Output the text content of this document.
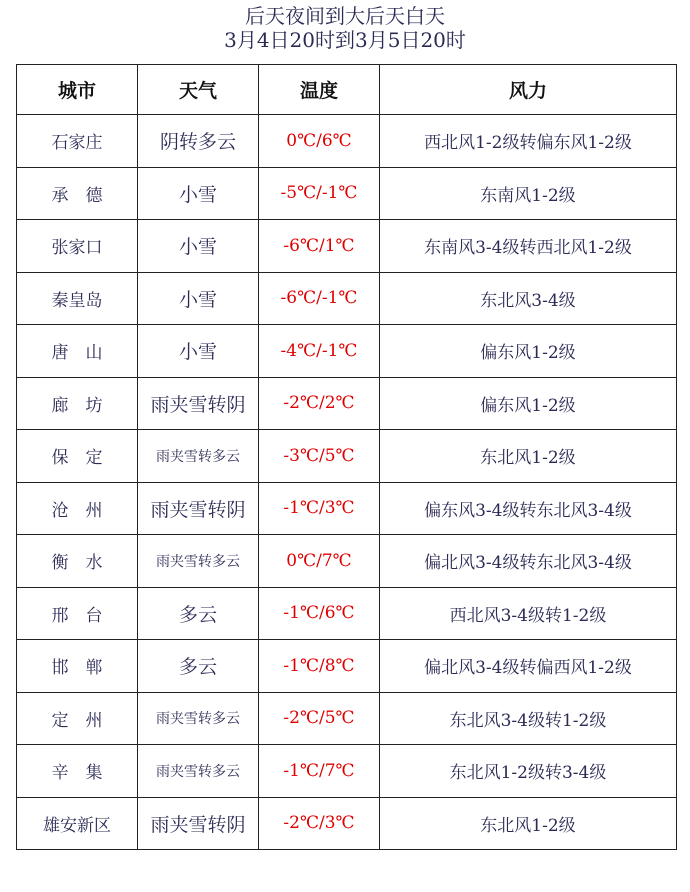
后天夜间到大后天白天
3月4日20时到3月5日20时
城市	天气	温度	风力
石家庄	阴转多云	0℃/6℃	西北风1-2级转偏东风1-2级
承　德	小雪	-5℃/-1℃	东南风1-2级
张家口	小雪	-6℃/1℃	东南风3-4级转西北风1-2级
秦皇岛	小雪	-6℃/-1℃	东北风3-4级
唐　山	小雪	-4℃/-1℃	偏东风1-2级
廊　坊	雨夹雪转阴	-2℃/2℃	偏东风1-2级
保　定	雨夹雪转多云	-3℃/5℃	东北风1-2级
沧　州	雨夹雪转阴	-1℃/3℃	偏东风3-4级转东北风3-4级
衡　水	雨夹雪转多云	0℃/7℃	偏北风3-4级转东北风3-4级
邢　台	多云	-1℃/6℃	西北风3-4级转1-2级
邯　郸	多云	-1℃/8℃	偏北风3-4级转偏西风1-2级
定　州	雨夹雪转多云	-2℃/5℃	东北风3-4级转1-2级
辛　集	雨夹雪转多云	-1℃/7℃	东北风1-2级转3-4级
雄安新区	雨夹雪转阴	-2℃/3℃	东北风1-2级
